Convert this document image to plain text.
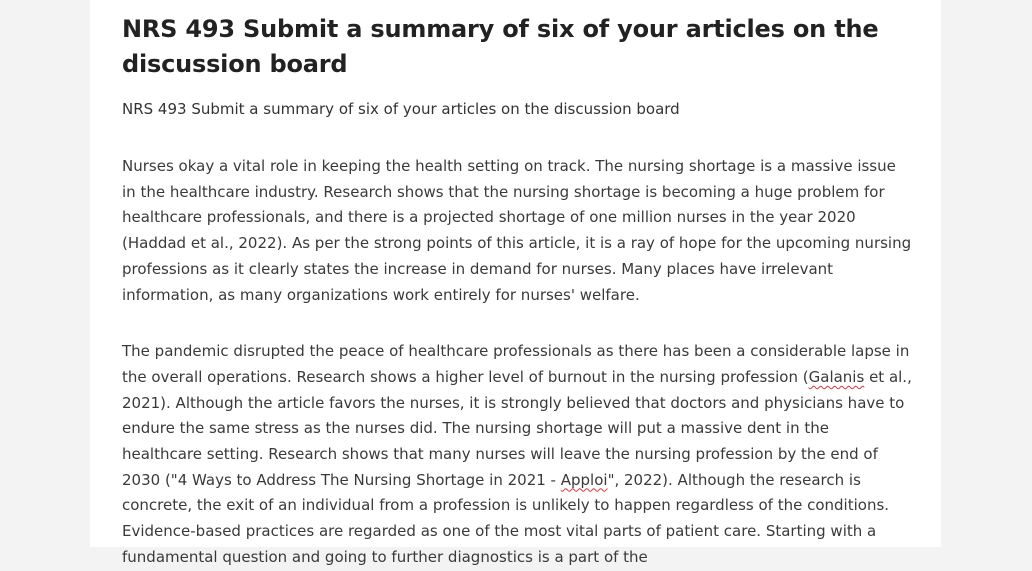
NRS 493 Submit a summary of six of your articles on the discussion board
NRS 493 Submit a summary of six of your articles on the discussion board

Nurses okay a vital role in keeping the health setting on track. The nursing shortage is a massive issue in the healthcare industry. Research shows that the nursing shortage is becoming a huge problem for healthcare professionals, and there is a projected shortage of one million nurses in the year 2020 (Haddad et al., 2022). As per the strong points of this article, it is a ray of hope for the upcoming nursing professions as it clearly states the increase in demand for nurses. Many places have irrelevant information, as many organizations work entirely for nurses' welfare.

The pandemic disrupted the peace of healthcare professionals as there has been a considerable lapse in the overall operations. Research shows a higher level of burnout in the nursing profession (Galanis et al., 2021). Although the article favors the nurses, it is strongly believed that doctors and physicians have to endure the same stress as the nurses did. The nursing shortage will put a massive dent in the healthcare setting. Research shows that many nurses will leave the nursing profession by the end of 2030 ("4 Ways to Address The Nursing Shortage in 2021 - Apploi", 2022). Although the research is concrete, the exit of an individual from a profession is unlikely to happen regardless of the conditions. Evidence-based practices are regarded as one of the most vital parts of patient care. Starting with a fundamental question and going to further diagnostics is a part of the
